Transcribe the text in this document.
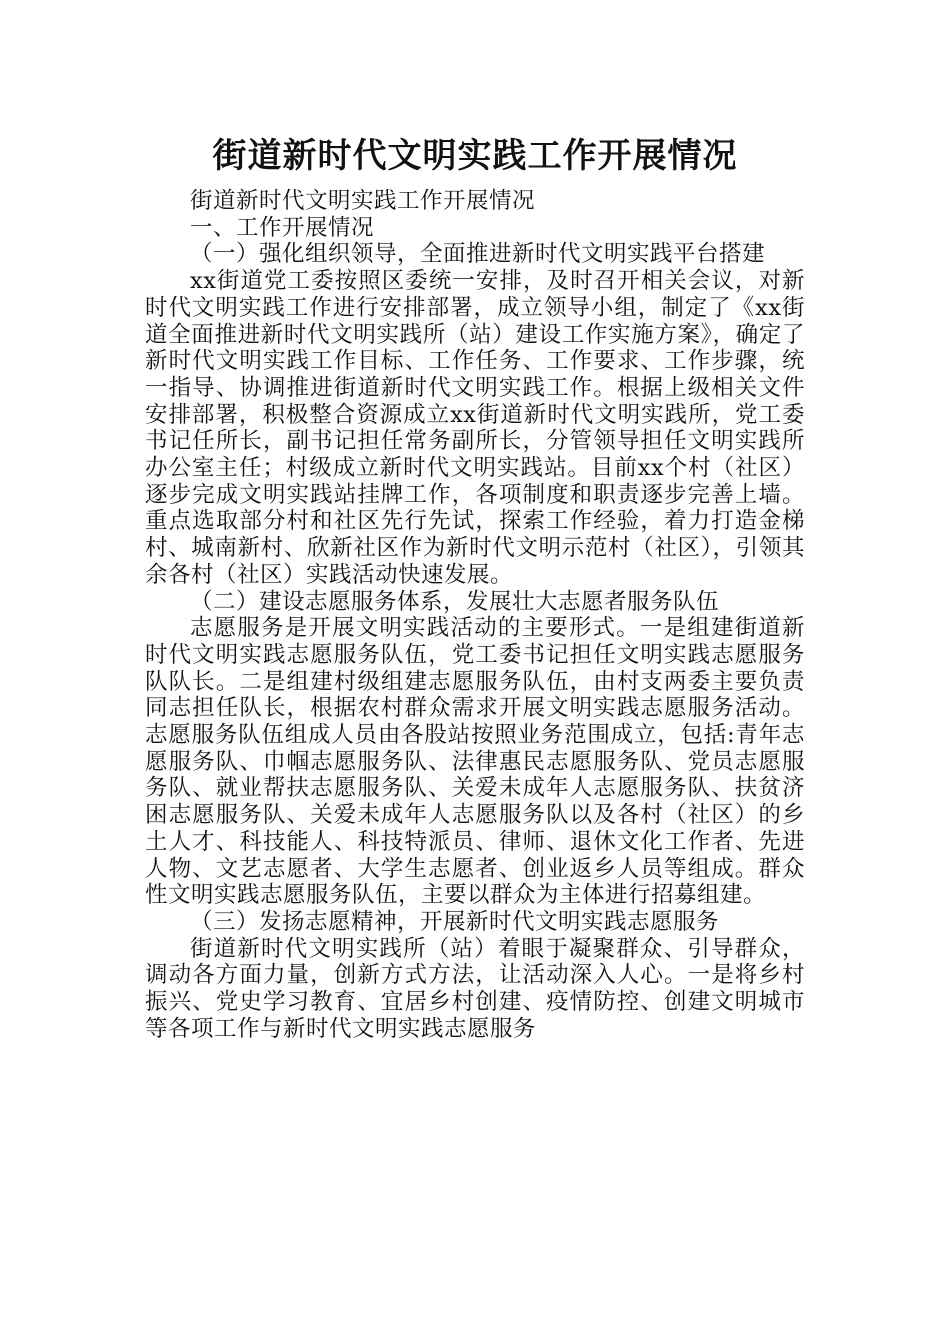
街道新时代文明实践工作开展情况

街道新时代文明实践工作开展情况

一、工作开展情况

（一）强化组织领导，全面推进新时代文明实践平台搭建

xx街道党工委按照区委统一安排，及时召开相关会议，对新时代文明实践工作进行安排部署，成立领导小组，制定了《xx街道全面推进新时代文明实践所（站）建设工作实施方案》，确定了新时代文明实践工作目标、工作任务、工作要求、工作步骤，统一指导、协调推进街道新时代文明实践工作。根据上级相关文件安排部署，积极整合资源成立xx街道新时代文明实践所，党工委书记任所长，副书记担任常务副所长，分管领导担任文明实践所办公室主任；村级成立新时代文明实践站。目前xx个村（社区）逐步完成文明实践站挂牌工作，各项制度和职责逐步完善上墙。重点选取部分村和社区先行先试，探索工作经验，着力打造金梯村、城南新村、欣新社区作为新时代文明示范村（社区），引领其余各村（社区）实践活动快速发展。

（二）建设志愿服务体系，发展壮大志愿者服务队伍

志愿服务是开展文明实践活动的主要形式。一是组建街道新时代文明实践志愿服务队伍，党工委书记担任文明实践志愿服务队队长。二是组建村级组建志愿服务队伍，由村支两委主要负责同志担任队长，根据农村群众需求开展文明实践志愿服务活动。志愿服务队伍组成人员由各股站按照业务范围成立，包括:青年志愿服务队、巾帼志愿服务队、法律惠民志愿服务队、党员志愿服务队、就业帮扶志愿服务队、关爱未成年人志愿服务队、扶贫济困志愿服务队、关爱未成年人志愿服务队以及各村（社区）的乡土人才、科技能人、科技特派员、律师、退休文化工作者、先进人物、文艺志愿者、大学生志愿者、创业返乡人员等组成。群众性文明实践志愿服务队伍，主要以群众为主体进行招募组建。

（三）发扬志愿精神，开展新时代文明实践志愿服务

街道新时代文明实践所（站）着眼于凝聚群众、引导群众，调动各方面力量，创新方式方法，让活动深入人心。一是将乡村振兴、党史学习教育、宜居乡村创建、疫情防控、创建文明城市等各项工作与新时代文明实践志愿服务
